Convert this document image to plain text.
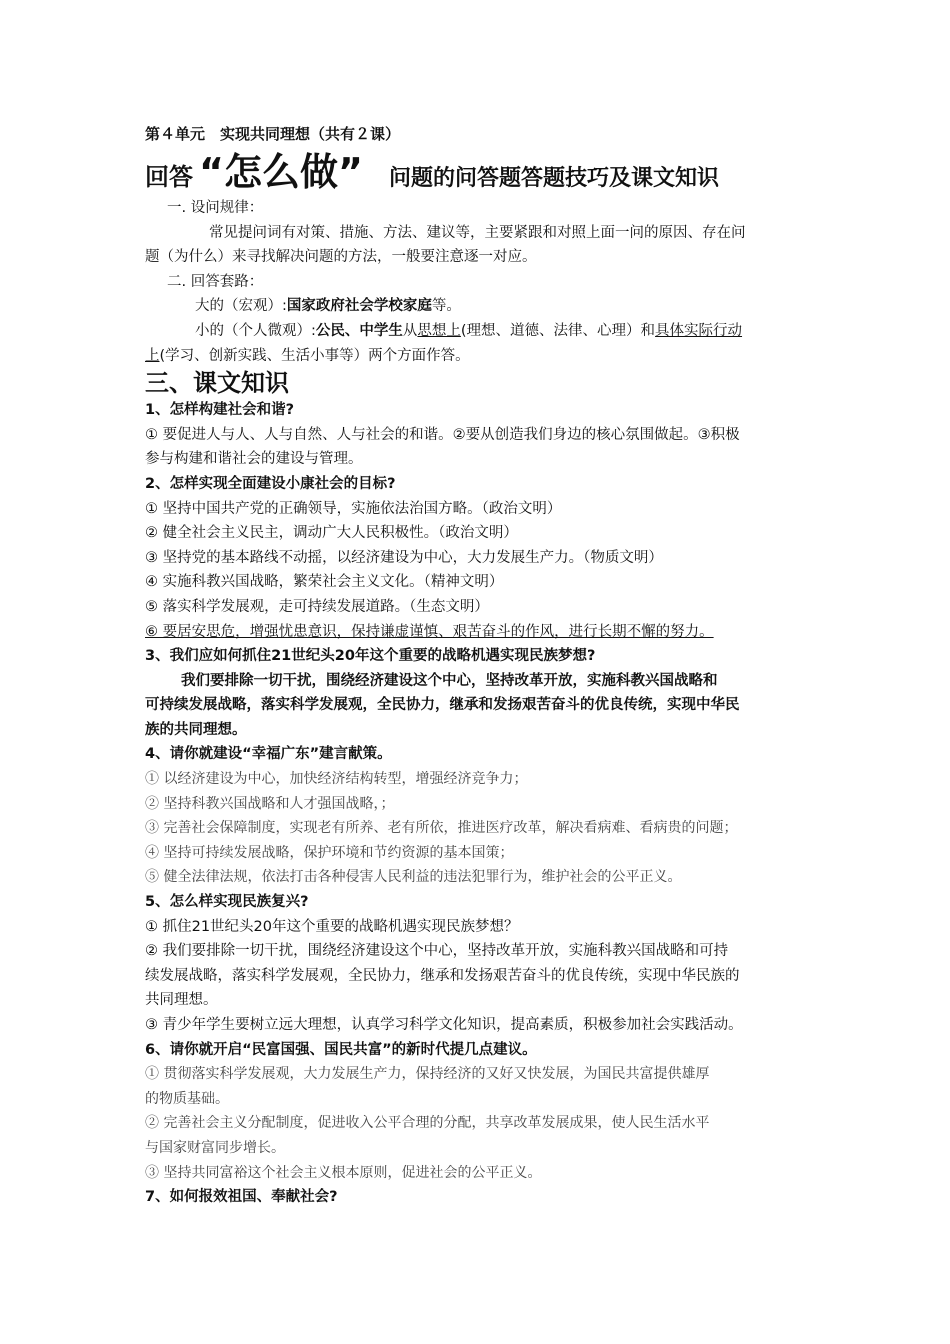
第４单元　实现共同理想（共有２课）
回答 “怎么做” 问题的问答题答题技巧及课文知识
一. 设问规律：
常见提问词有对策、措施、方法、建议等，主要紧跟和对照上面一问的原因、存在问
题（为什么）来寻找解决问题的方法，一般要注意逐一对应。
二. 回答套路：
大的（宏观）:国家政府社会学校家庭等。
小的（个人微观）:公民、中学生从思想上(理想、道德、法律、心理）和具体实际行动
上(学习、创新实践、生活小事等）两个方面作答。
三、课文知识
1、怎样构建社会和谐?
① 要促进人与人、人与自然、人与社会的和谐。②要从创造我们身边的核心氛围做起。③积极
参与构建和谐社会的建设与管理。
2、怎样实现全面建设小康社会的目标?
① 坚持中国共产党的正确领导，实施依法治国方略。（政治文明）
② 健全社会主义民主，调动广大人民积极性。（政治文明）
③ 坚持党的基本路线不动摇，以经济建设为中心，大力发展生产力。（物质文明）
④ 实施科教兴国战略，繁荣社会主义文化。（精神文明）
⑤ 落实科学发展观，走可持续发展道路。（生态文明）
⑥ 要居安思危，增强忧患意识，保持谦虚谨慎、艰苦奋斗的作风，进行长期不懈的努力。
3、我们应如何抓住21世纪头20年这个重要的战略机遇实现民族梦想?
我们要排除一切干扰，围绕经济建设这个中心，坚持改革开放，实施科教兴国战略和
可持续发展战略，落实科学发展观，全民协力，继承和发扬艰苦奋斗的优良传统，实现中华民
族的共同理想。
4、请你就建设“幸福广东”建言献策。
① 以经济建设为中心，加快经济结构转型，增强经济竞争力；
② 坚持科教兴国战略和人才强国战略，；
③ 完善社会保障制度，实现老有所养、老有所依，推进医疗改革，解决看病难、看病贵的问题；
④ 坚持可持续发展战略，保护环境和节约资源的基本国策；
⑤ 健全法律法规，依法打击各种侵害人民利益的违法犯罪行为，维护社会的公平正义。
5、怎么样实现民族复兴?
① 抓住21世纪头20年这个重要的战略机遇实现民族梦想？
② 我们要排除一切干扰，围绕经济建设这个中心，坚持改革开放，实施科教兴国战略和可持
续发展战略，落实科学发展观，全民协力，继承和发扬艰苦奋斗的优良传统，实现中华民族的
共同理想。
③ 青少年学生要树立远大理想，认真学习科学文化知识，提高素质，积极参加社会实践活动。
6、请你就开启“民富国强、国民共富”的新时代提几点建议。
① 贯彻落实科学发展观，大力发展生产力，保持经济的又好又快发展，为国民共富提供雄厚
的物质基础。
② 完善社会主义分配制度，促进收入公平合理的分配，共享改革发展成果，使人民生活水平
与国家财富同步增长。
③ 坚持共同富裕这个社会主义根本原则，促进社会的公平正义。
7、如何报效祖国、奉献社会?
